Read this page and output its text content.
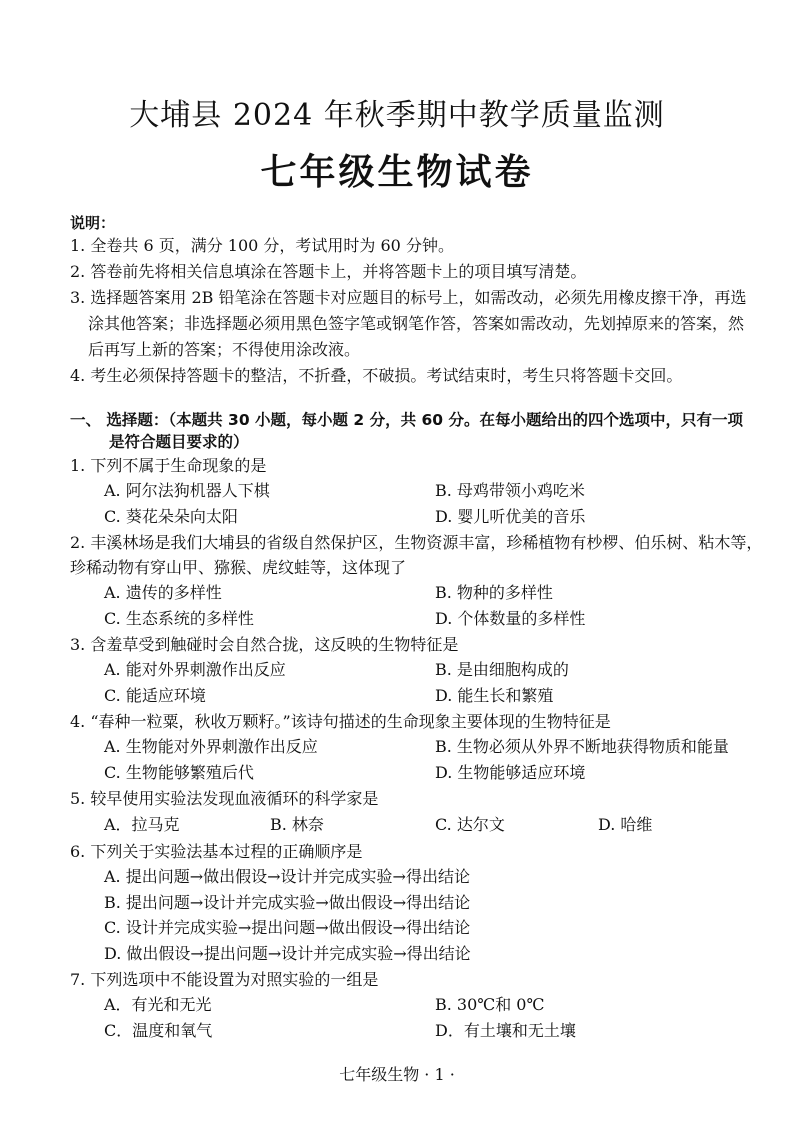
大埔县 2024 年秋季期中教学质量监测
七年级生物试卷
说明：
1. 全卷共 6 页，满分 100 分，考试用时为 60 分钟。
2. 答卷前先将相关信息填涂在答题卡上，并将答题卡上的项目填写清楚。
3. 选择题答案用 2B 铅笔涂在答题卡对应题目的标号上，如需改动，必须先用橡皮擦干净，再选
涂其他答案；非选择题必须用黑色签字笔或钢笔作答，答案如需改动，先划掉原来的答案，然
后再写上新的答案；不得使用涂改液。
4. 考生必须保持答题卡的整洁，不折叠，不破损。考试结束时，考生只将答题卡交回。
一、 选择题：（本题共 30 小题，每小题 2 分，共 60 分。在每小题给出的四个选项中，只有一项
是符合题目要求的）
1. 下列不属于生命现象的是
A. 阿尔法狗机器人下棋	B. 母鸡带领小鸡吃米
C. 葵花朵朵向太阳	D. 婴儿听优美的音乐
2. 丰溪林场是我们大埔县的省级自然保护区，生物资源丰富，珍稀植物有杪椤、伯乐树、粘木等，
珍稀动物有穿山甲、猕猴、虎纹蛙等，这体现了
A. 遗传的多样性	B. 物种的多样性
C. 生态系统的多样性	D. 个体数量的多样性
3. 含羞草受到触碰时会自然合拢，这反映的生物特征是
A. 能对外界刺激作出反应	B. 是由细胞构成的
C. 能适应环境	D. 能生长和繁殖
4. “春种一粒粟，秋收万颗籽。”该诗句描述的生命现象主要体现的生物特征是
A. 生物能对外界刺激作出反应	B. 生物必须从外界不断地获得物质和能量
C. 生物能够繁殖后代	D. 生物能够适应环境
5. 较早使用实验法发现血液循环的科学家是
A．拉马克	B. 林奈	C. 达尔文	D. 哈维
6. 下列关于实验法基本过程的正确顺序是
A. 提出问题→做出假设→设计并完成实验→得出结论
B. 提出问题→设计并完成实验→做出假设→得出结论
C. 设计并完成实验→提出问题→做出假设→得出结论
D. 做出假设→提出问题→设计并完成实验→得出结论
7. 下列选项中不能设置为对照实验的一组是
A．有光和无光	B. 30℃和 0℃
C．温度和氧气	D．有土壤和无土壤
七年级生物 · 1 ·
